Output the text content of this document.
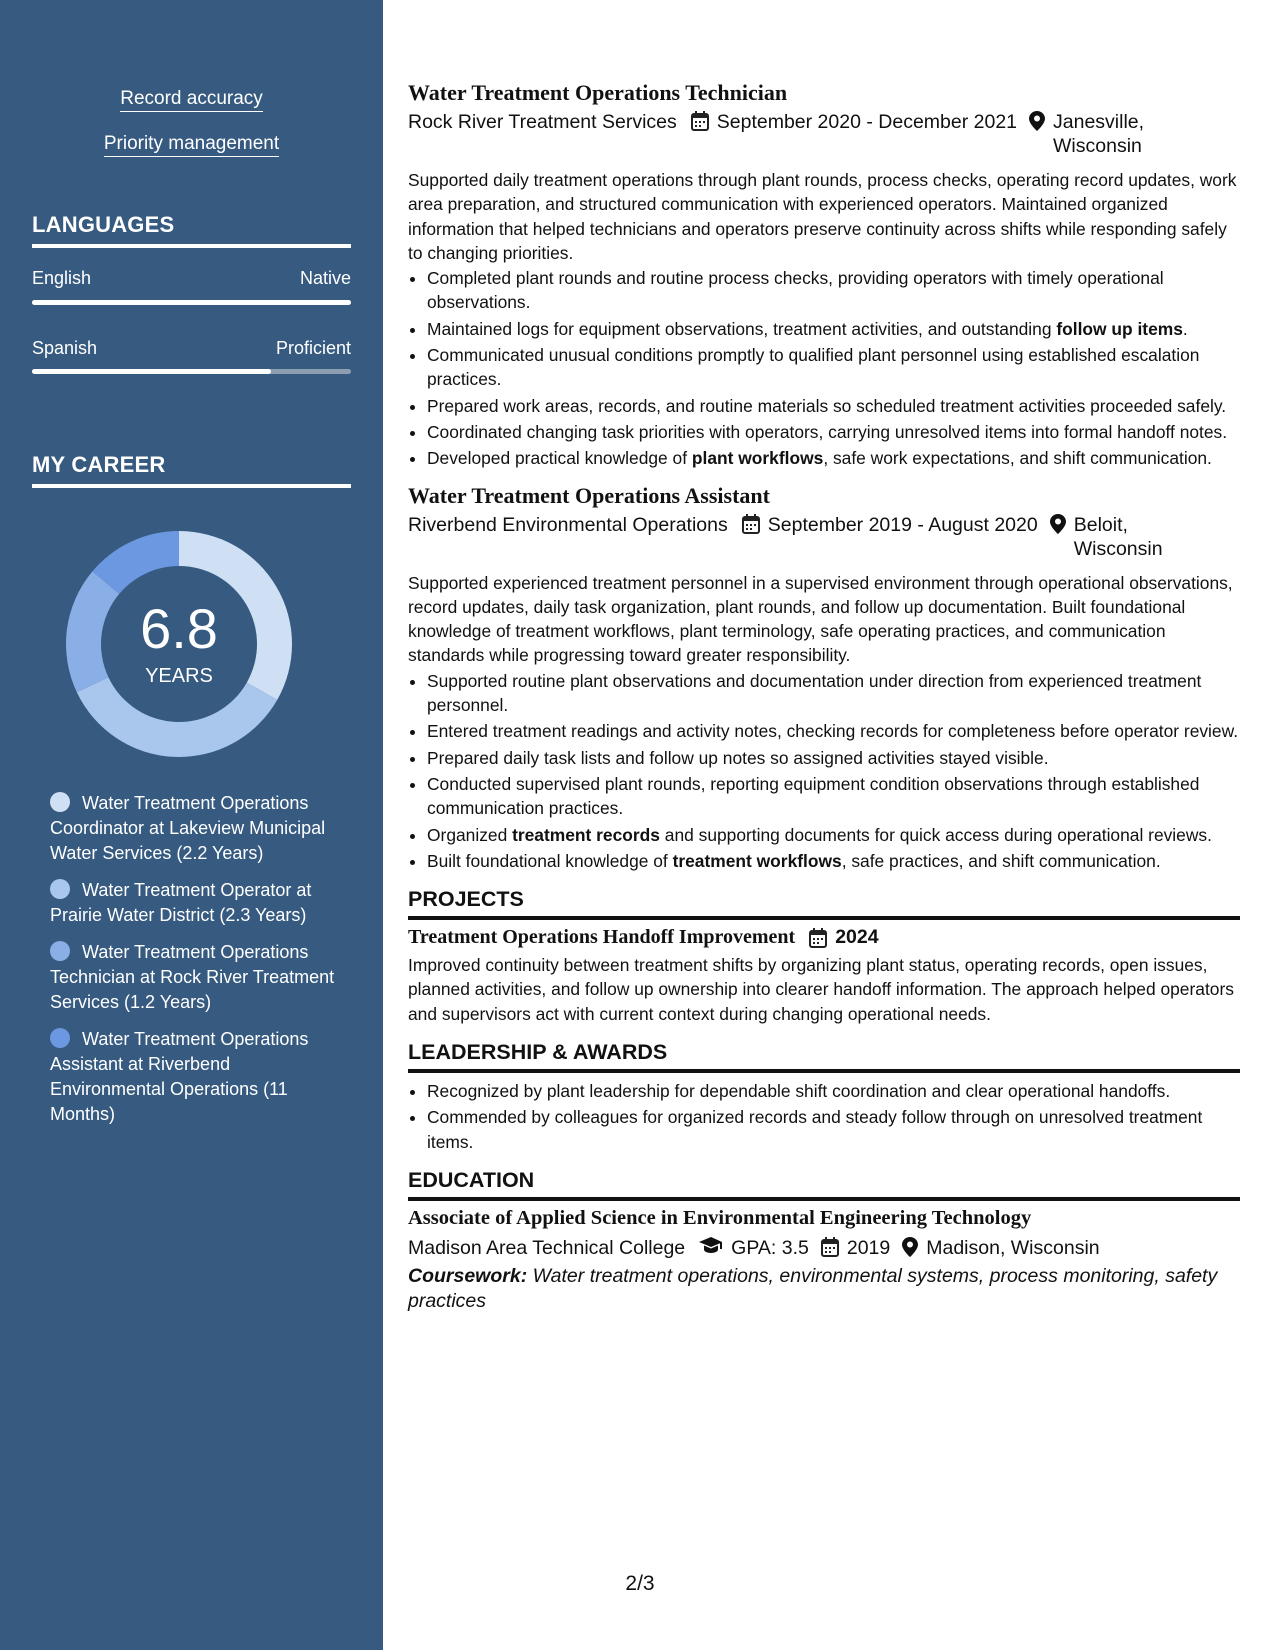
Record accuracy
Priority management
LANGUAGES
English	Native
Spanish	Proficient
MY CAREER
6.8
YEARS
Water Treatment Operations Coordinator at Lakeview Municipal Water Services (2.2 Years)
Water Treatment Operator at Prairie Water District (2.3 Years)
Water Treatment Operations Technician at Rock River Treatment Services (1.2 Years)
Water Treatment Operations Assistant at Riverbend Environmental Operations (11 Months)
Water Treatment Operations Technician
Rock River Treatment Services September 2020 - December 2021 Janesville,
Wisconsin

Supported daily treatment operations through plant rounds, process checks, operating record updates, work area preparation, and structured communication with experienced operators. Maintained organized information that helped technicians and operators preserve continuity across shifts while responding safely to changing priorities.

• Completed plant rounds and routine process checks, providing operators with timely operational observations.
• Maintained logs for equipment observations, treatment activities, and outstanding follow up items.
• Communicated unusual conditions promptly to qualified plant personnel using established escalation practices.
• Prepared work areas, records, and routine materials so scheduled treatment activities proceeded safely.
• Coordinated changing task priorities with operators, carrying unresolved items into formal handoff notes.
• Developed practical knowledge of plant workflows, safe work expectations, and shift communication.
Water Treatment Operations Assistant
Riverbend Environmental Operations September 2019 - August 2020 Beloit,
Wisconsin

Supported experienced treatment personnel in a supervised environment through operational observations, record updates, daily task organization, plant rounds, and follow up documentation. Built foundational knowledge of treatment workflows, plant terminology, safe operating practices, and communication standards while progressing toward greater responsibility.

• Supported routine plant observations and documentation under direction from experienced treatment personnel.
• Entered treatment readings and activity notes, checking records for completeness before operator review.
• Prepared daily task lists and follow up notes so assigned activities stayed visible.
• Conducted supervised plant rounds, reporting equipment condition observations through established communication practices.
• Organized treatment records and supporting documents for quick access during operational reviews.
• Built foundational knowledge of treatment workflows, safe practices, and shift communication.
PROJECTS
Treatment Operations Handoff Improvement 2024

Improved continuity between treatment shifts by organizing plant status, operating records, open issues, planned activities, and follow up ownership into clearer handoff information. The approach helped operators and supervisors act with current context during changing operational needs.

LEADERSHIP & AWARDS
• Recognized by plant leadership for dependable shift coordination and clear operational handoffs.
• Commended by colleagues for organized records and steady follow through on unresolved treatment items.
EDUCATION
Associate of Applied Science in Environmental Engineering Technology
Madison Area Technical College GPA: 3.5 2019 Madison, Wisconsin
Coursework: Water treatment operations, environmental systems, process monitoring, safety practices
2/3
